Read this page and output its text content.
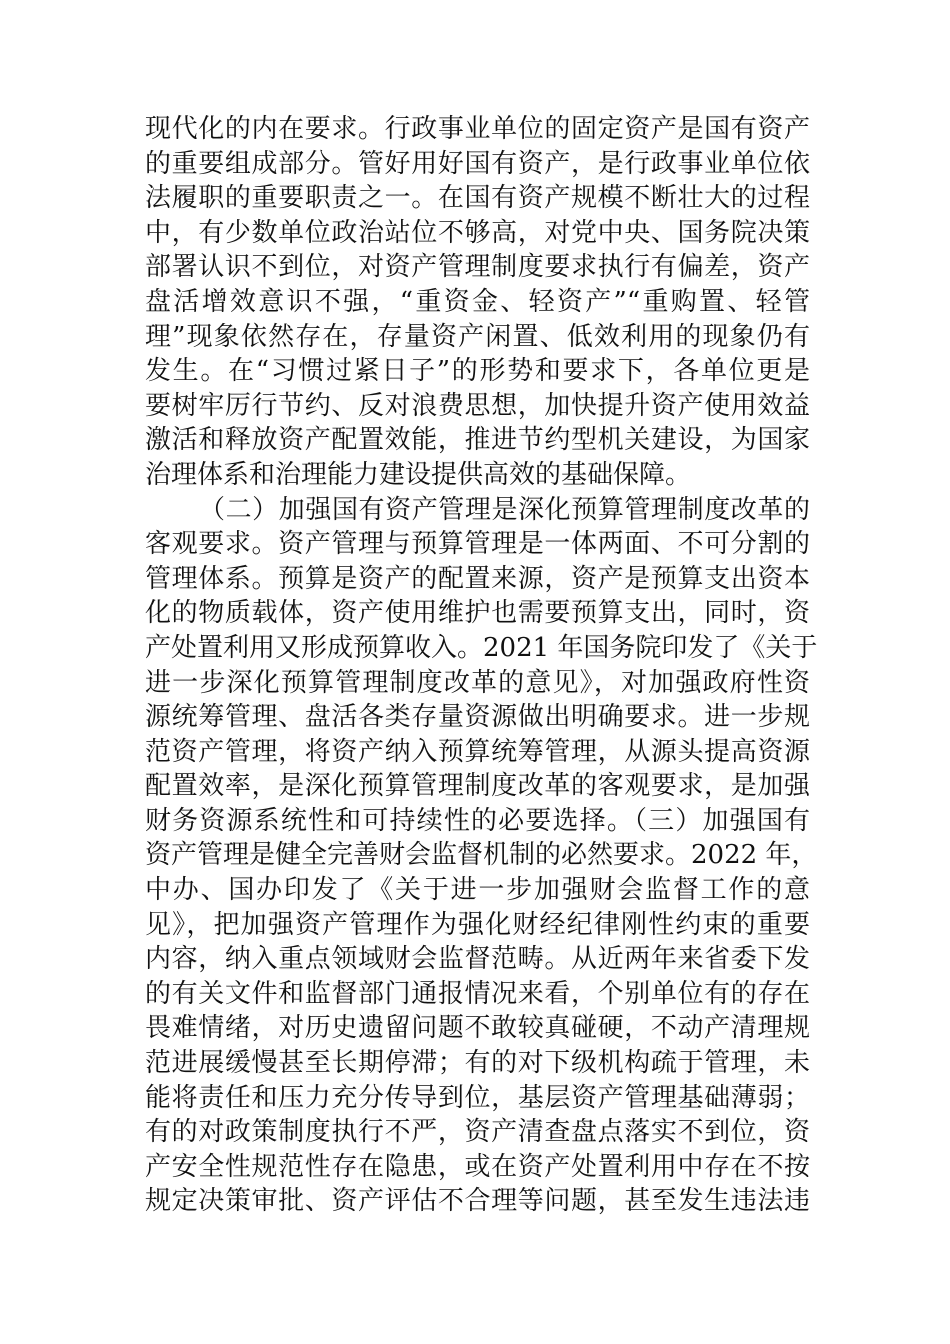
现代化的内在要求。行政事业单位的固定资产是国有资产
的重要组成部分。管好用好国有资产，是行政事业单位依
法履职的重要职责之一。在国有资产规模不断壮大的过程
中，有少数单位政治站位不够高，对党中央、国务院决策
部署认识不到位，对资产管理制度要求执行有偏差，资产
盘活增效意识不强，“重资金、轻资产”“重购置、轻管
理”现象依然存在，存量资产闲置、低效利用的现象仍有
发生。在“习惯过紧日子”的形势和要求下，各单位更是
要树牢厉行节约、反对浪费思想，加快提升资产使用效益
激活和释放资产配置效能，推进节约型机关建设，为国家
治理体系和治理能力建设提供高效的基础保障。
（二）加强国有资产管理是深化预算管理制度改革的
客观要求。资产管理与预算管理是一体两面、不可分割的
管理体系。预算是资产的配置来源，资产是预算支出资本
化的物质载体，资产使用维护也需要预算支出，同时，资
产处置利用又形成预算收入。2021 年国务院印发了《关于
进一步深化预算管理制度改革的意见》，对加强政府性资
源统筹管理、盘活各类存量资源做出明确要求。进一步规
范资产管理，将资产纳入预算统筹管理，从源头提高资源
配置效率，是深化预算管理制度改革的客观要求，是加强
财务资源系统性和可持续性的必要选择。（三）加强国有
资产管理是健全完善财会监督机制的必然要求。2022 年，
中办、国办印发了《关于进一步加强财会监督工作的意
见》，把加强资产管理作为强化财经纪律刚性约束的重要
内容，纳入重点领域财会监督范畴。从近两年来省委下发
的有关文件和监督部门通报情况来看，个别单位有的存在
畏难情绪，对历史遗留问题不敢较真碰硬，不动产清理规
范进展缓慢甚至长期停滞；有的对下级机构疏于管理，未
能将责任和压力充分传导到位，基层资产管理基础薄弱；
有的对政策制度执行不严，资产清查盘点落实不到位，资
产安全性规范性存在隐患，或在资产处置利用中存在不按
规定决策审批、资产评估不合理等问题，甚至发生违法违
